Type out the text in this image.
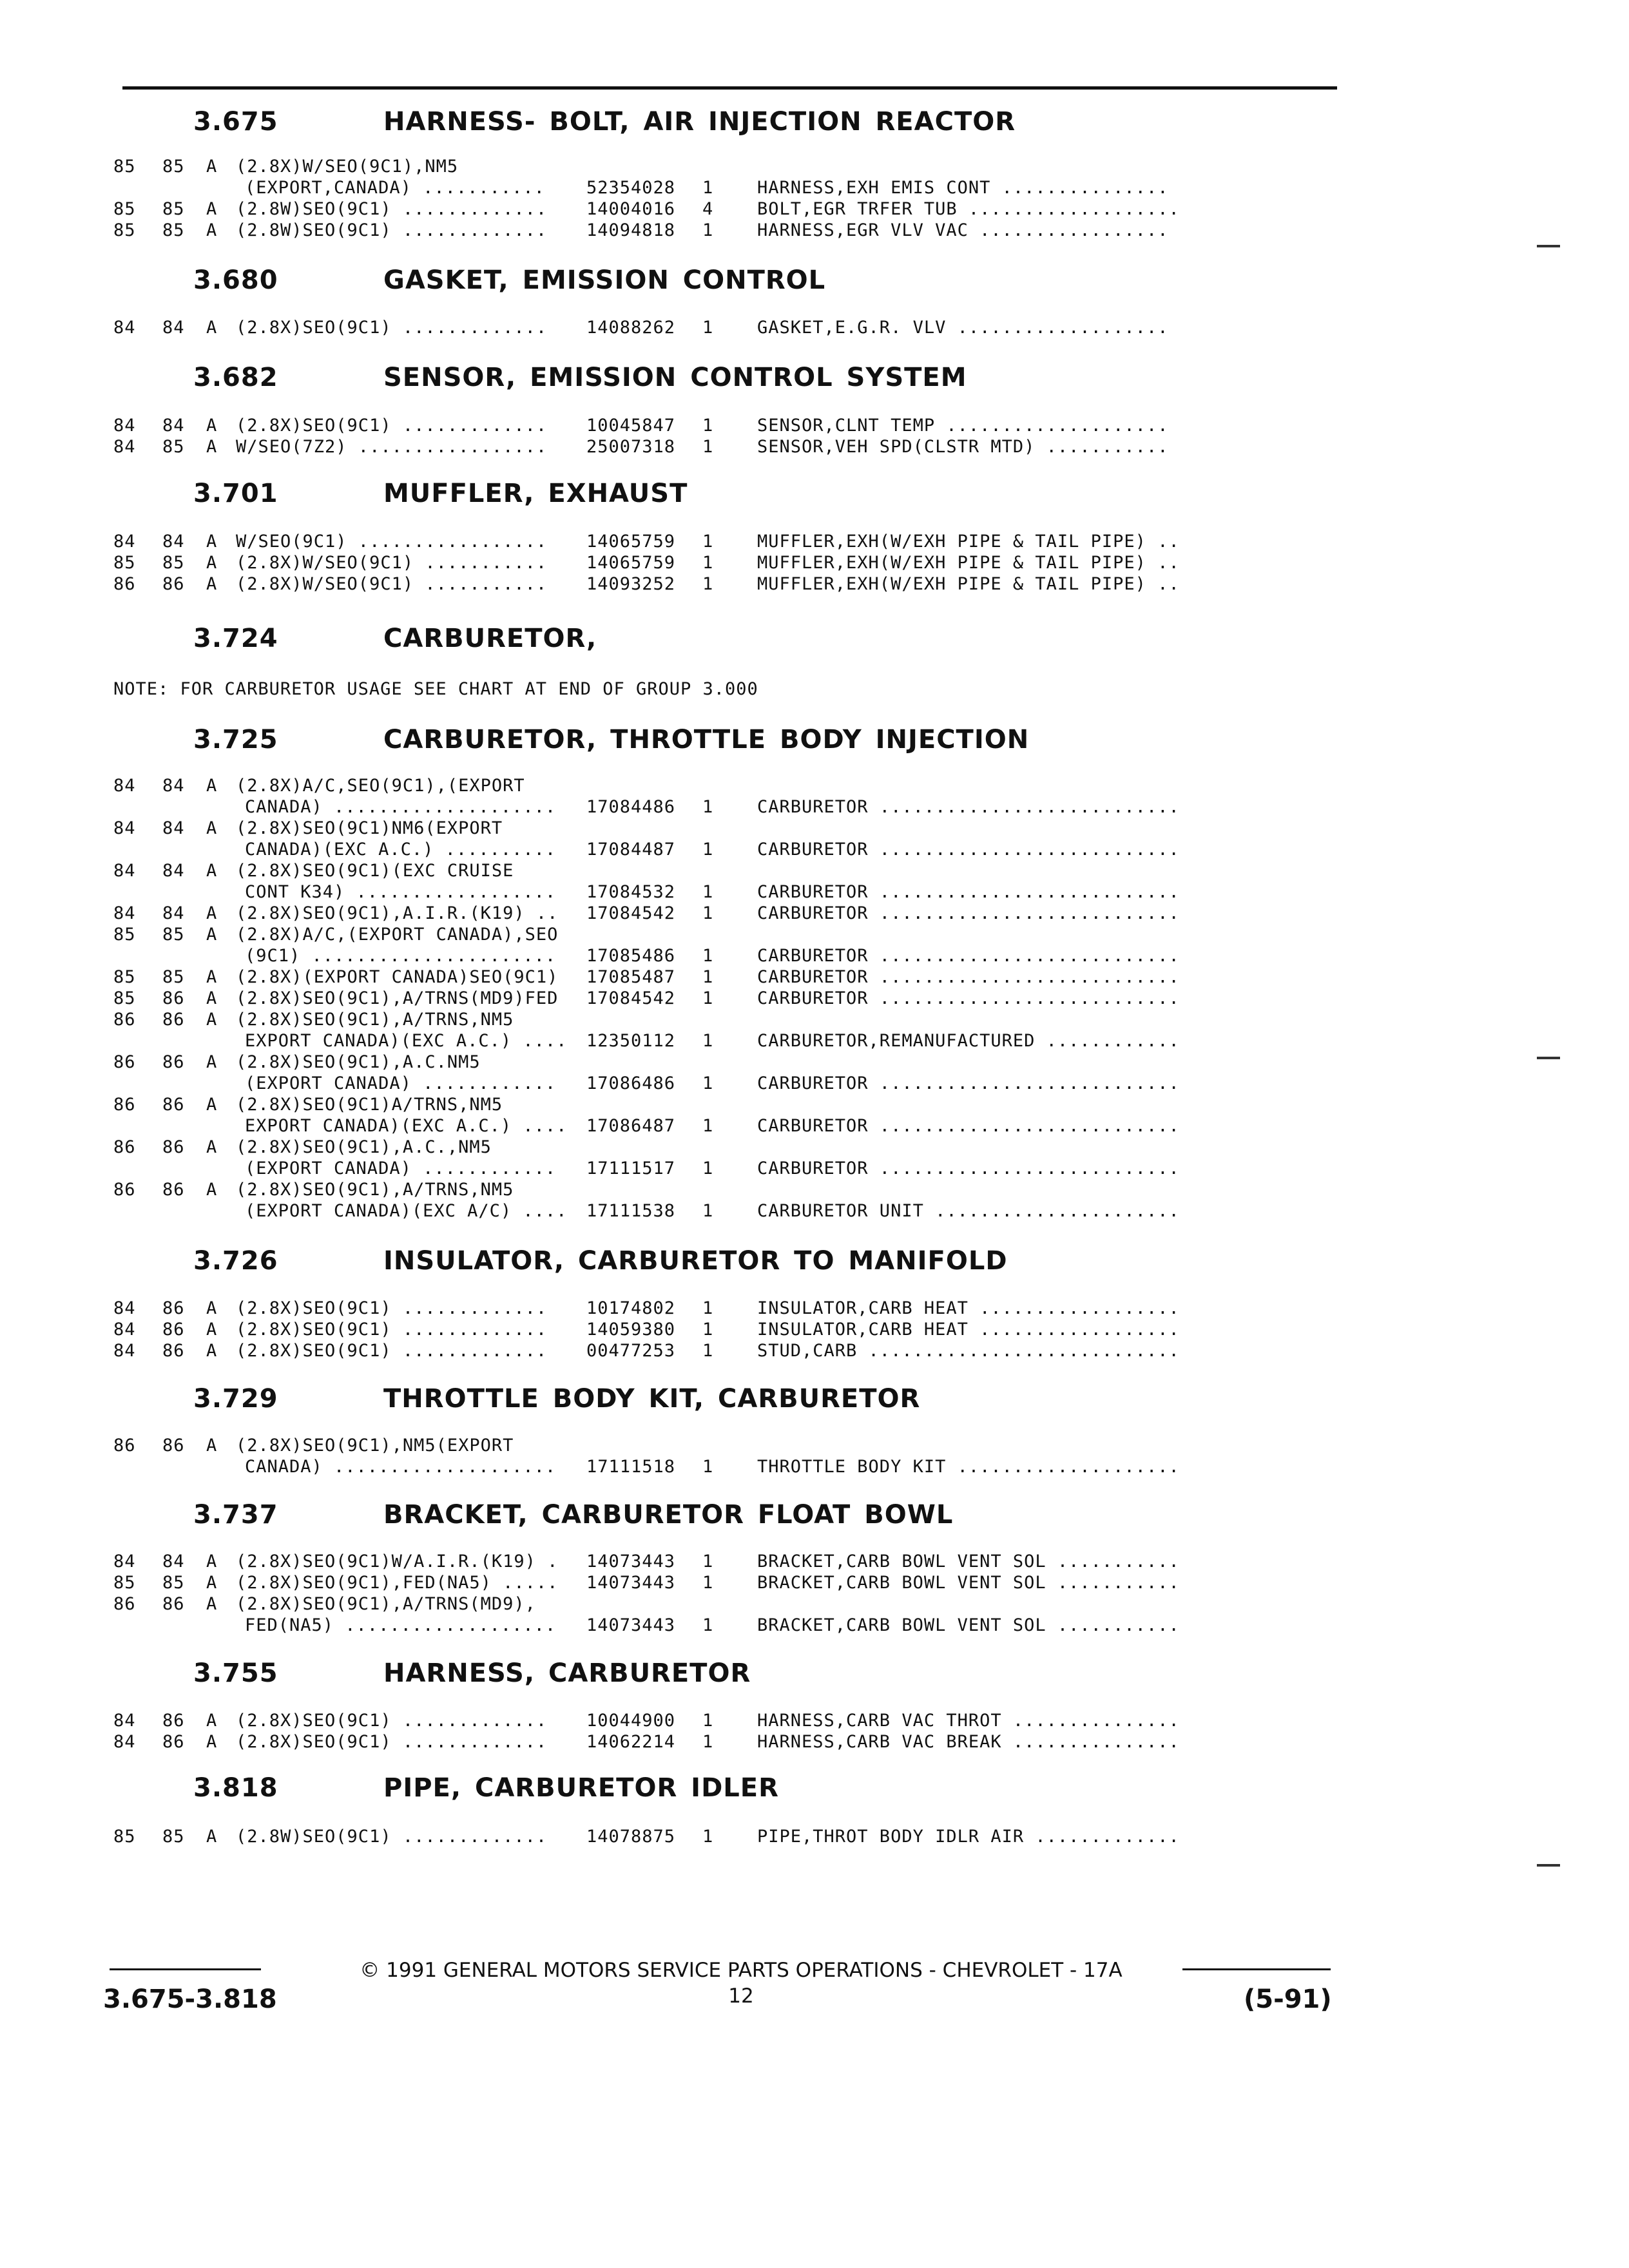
3.675	HARNESS- BOLT, AIR INJECTION REACTOR
85 85 A (2.8X)W/SEO(9C1),NM5
(EXPORT,CANADA) ...........	52354028 1	HARNESS,EXH EMIS CONT ...............
85 85 A (2.8W)SEO(9C1) .............	14004016 4	BOLT,EGR TRFER TUB ...................
85 85 A (2.8W)SEO(9C1) .............	14094818 1	HARNESS,EGR VLV VAC .................
3.680	GASKET, EMISSION CONTROL
84 84 A (2.8X)SEO(9C1) .............	14088262 1	GASKET,E.G.R. VLV ...................
3.682	SENSOR, EMISSION CONTROL SYSTEM
84 84 A (2.8X)SEO(9C1) .............	10045847 1	SENSOR,CLNT TEMP ....................
84 85 A W/SEO(7Z2) .................	25007318 1	SENSOR,VEH SPD(CLSTR MTD) ...........
3.701	MUFFLER, EXHAUST
84 84 A W/SEO(9C1) .................	14065759 1	MUFFLER,EXH(W/EXH PIPE & TAIL PIPE) ..
85 85 A (2.8X)W/SEO(9C1) ...........	14065759 1	MUFFLER,EXH(W/EXH PIPE & TAIL PIPE) ..
86 86 A (2.8X)W/SEO(9C1) ...........	14093252 1	MUFFLER,EXH(W/EXH PIPE & TAIL PIPE) ..
3.724	CARBURETOR,
NOTE: FOR CARBURETOR USAGE SEE CHART AT END OF GROUP 3.000
3.725	CARBURETOR, THROTTLE BODY INJECTION
84 84 A (2.8X)A/C,SEO(9C1),(EXPORT
CANADA) ....................	17084486 1	CARBURETOR ...........................
84 84 A (2.8X)SEO(9C1)NM6(EXPORT
CANADA)(EXC A.C.) ..........	17084487 1	CARBURETOR ...........................
84 84 A (2.8X)SEO(9C1)(EXC CRUISE
CONT K34) ..................	17084532 1	CARBURETOR ...........................
84 84 A (2.8X)SEO(9C1),A.I.R.(K19) .. 17084542 1	CARBURETOR ...........................
85 85 A (2.8X)A/C,(EXPORT CANADA),SEO
(9C1) ......................	17085486 1	CARBURETOR ...........................
85 85 A (2.8X)(EXPORT CANADA)SEO(9C1) 17085487 1	CARBURETOR ...........................
85 86 A (2.8X)SEO(9C1),A/TRNS(MD9)FED 17084542 1	CARBURETOR ...........................
86 86 A (2.8X)SEO(9C1),A/TRNS,NM5
EXPORT CANADA)(EXC A.C.) .... 12350112 1	CARBURETOR,REMANUFACTURED ............
86 86 A (2.8X)SEO(9C1),A.C.NM5
(EXPORT CANADA) ............	17086486 1	CARBURETOR ...........................
86 86 A (2.8X)SEO(9C1)A/TRNS,NM5
EXPORT CANADA)(EXC A.C.) .... 17086487 1	CARBURETOR ...........................
86 86 A (2.8X)SEO(9C1),A.C.,NM5
(EXPORT CANADA) ............	17111517 1	CARBURETOR ...........................
86 86 A (2.8X)SEO(9C1),A/TRNS,NM5
(EXPORT CANADA)(EXC A/C) .... 17111538 1	CARBURETOR UNIT ......................
3.726	INSULATOR, CARBURETOR TO MANIFOLD
84 86 A (2.8X)SEO(9C1) .............	10174802 1	INSULATOR,CARB HEAT ..................
84 86 A (2.8X)SEO(9C1) .............	14059380 1	INSULATOR,CARB HEAT ..................
84 86 A (2.8X)SEO(9C1) .............	00477253 1	STUD,CARB ............................
3.729	THROTTLE BODY KIT, CARBURETOR
86 86 A (2.8X)SEO(9C1),NM5(EXPORT
CANADA) ....................	17111518 1	THROTTLE BODY KIT ....................
3.737	BRACKET, CARBURETOR FLOAT BOWL
84 84 A (2.8X)SEO(9C1)W/A.I.R.(K19) . 14073443 1	BRACKET,CARB BOWL VENT SOL ...........
85 85 A (2.8X)SEO(9C1),FED(NA5) ..... 14073443 1	BRACKET,CARB BOWL VENT SOL ...........
86 86 A (2.8X)SEO(9C1),A/TRNS(MD9),
FED(NA5) ...................	14073443 1	BRACKET,CARB BOWL VENT SOL ...........
3.755	HARNESS, CARBURETOR
84 86 A (2.8X)SEO(9C1) .............	10044900 1	HARNESS,CARB VAC THROT ...............
84 86 A (2.8X)SEO(9C1) .............	14062214 1	HARNESS,CARB VAC BREAK ...............
3.818	PIPE, CARBURETOR IDLER
85 85 A (2.8W)SEO(9C1) .............	14078875 1	PIPE,THROT BODY IDLR AIR .............
© 1991 GENERAL MOTORS SERVICE PARTS OPERATIONS - CHEVROLET - 17A
12
3.675-3.818	(5-91)
